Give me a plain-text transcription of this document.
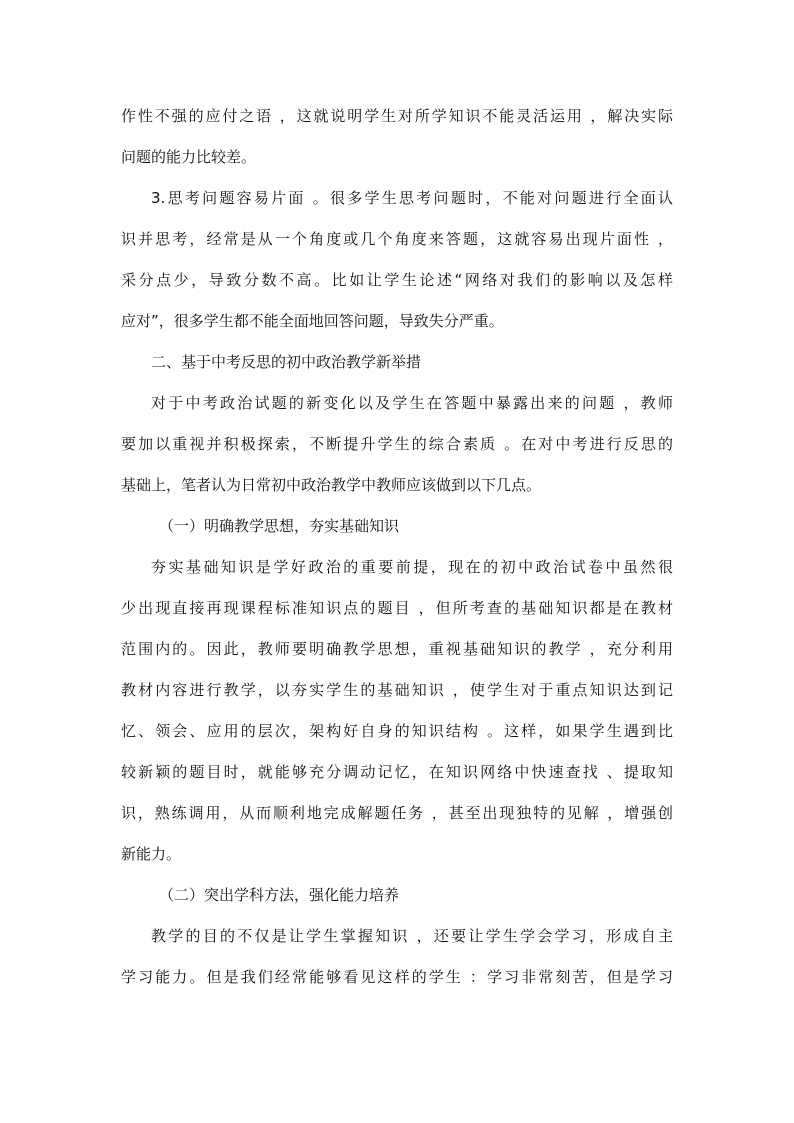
作性不强的应付之语 ，这就说明学生对所学知识不能灵活运用 ，解决实际
问题的能力比较差。
3.思考问题容易片面 。很多学生思考问题时，不能对问题进行全面认
识并思考，经常是从一个角度或几个角度来答题，这就容易出现片面性 ，
采分点少，导致分数不高。比如让学生论述“网络对我们的影响以及怎样
应对”，很多学生都不能全面地回答问题，导致失分严重。
二、基于中考反思的初中政治教学新举措
对于中考政治试题的新变化以及学生在答题中暴露出来的问题 ，教师
要加以重视并积极探索，不断提升学生的综合素质 。在对中考进行反思的
基础上，笔者认为日常初中政治教学中教师应该做到以下几点。
（一）明确教学思想，夯实基础知识
夯实基础知识是学好政治的重要前提，现在的初中政治试卷中虽然很
少出现直接再现课程标准知识点的题目 ，但所考查的基础知识都是在教材
范围内的。因此，教师要明确教学思想，重视基础知识的教学 ，充分利用
教材内容进行教学，以夯实学生的基础知识 ，使学生对于重点知识达到记
忆、领会、应用的层次，架构好自身的知识结构 。这样，如果学生遇到比
较新颖的题目时，就能够充分调动记忆，在知识网络中快速查找 、提取知
识，熟练调用，从而顺利地完成解题任务 ，甚至出现独特的见解 ，增强创
新能力。
（二）突出学科方法，强化能力培养
教学的目的不仅是让学生掌握知识 ，还要让学生学会学习，形成自主
学习能力。但是我们经常能够看见这样的学生 ：学习非常刻苦，但是学习
